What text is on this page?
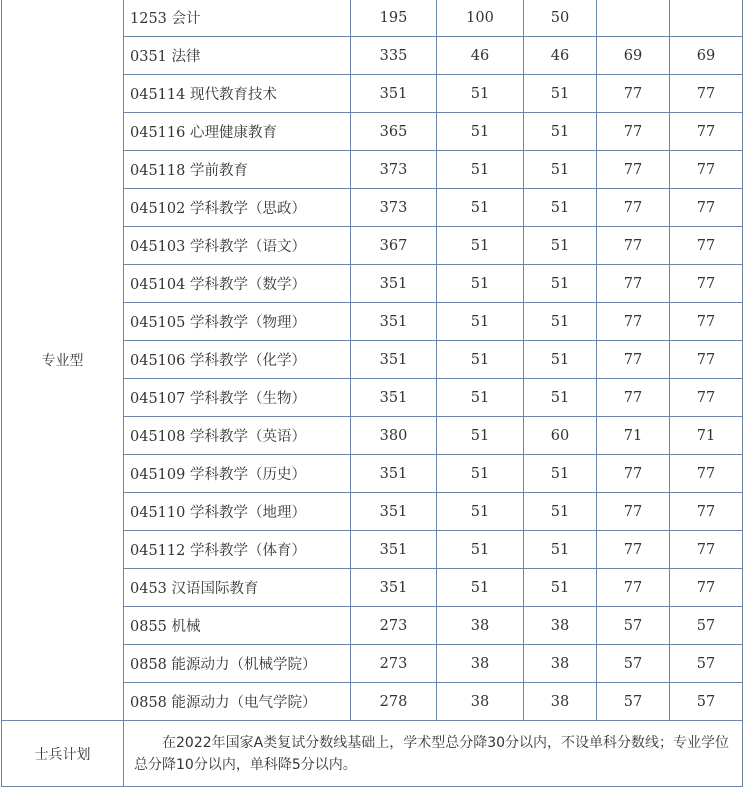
专业型	1253 会计	195	100	50		
	0351 法律	335	46	46	69	69
	045114 现代教育技术	351	51	51	77	77
	045116 心理健康教育	365	51	51	77	77
	045118 学前教育	373	51	51	77	77
	045102 学科教学（思政）	373	51	51	77	77
	045103 学科教学（语文）	367	51	51	77	77
	045104 学科教学（数学）	351	51	51	77	77
	045105 学科教学（物理）	351	51	51	77	77
	045106 学科教学（化学）	351	51	51	77	77
	045107 学科教学（生物）	351	51	51	77	77
	045108 学科教学（英语）	380	51	60	71	71
	045109 学科教学（历史）	351	51	51	77	77
	045110 学科教学（地理）	351	51	51	77	77
	045112 学科教学（体育）	351	51	51	77	77
	0453 汉语国际教育	351	51	51	77	77
	0855 机械	273	38	38	57	57
	0858 能源动力（机械学院）	273	38	38	57	57
	0858 能源动力（电气学院）	278	38	38	57	57
士兵计划	在2022年国家A类复试分数线基础上，学术型总分降30分以内，不设单科分数线；专业学位总分降10分以内，单科降5分以内。					
